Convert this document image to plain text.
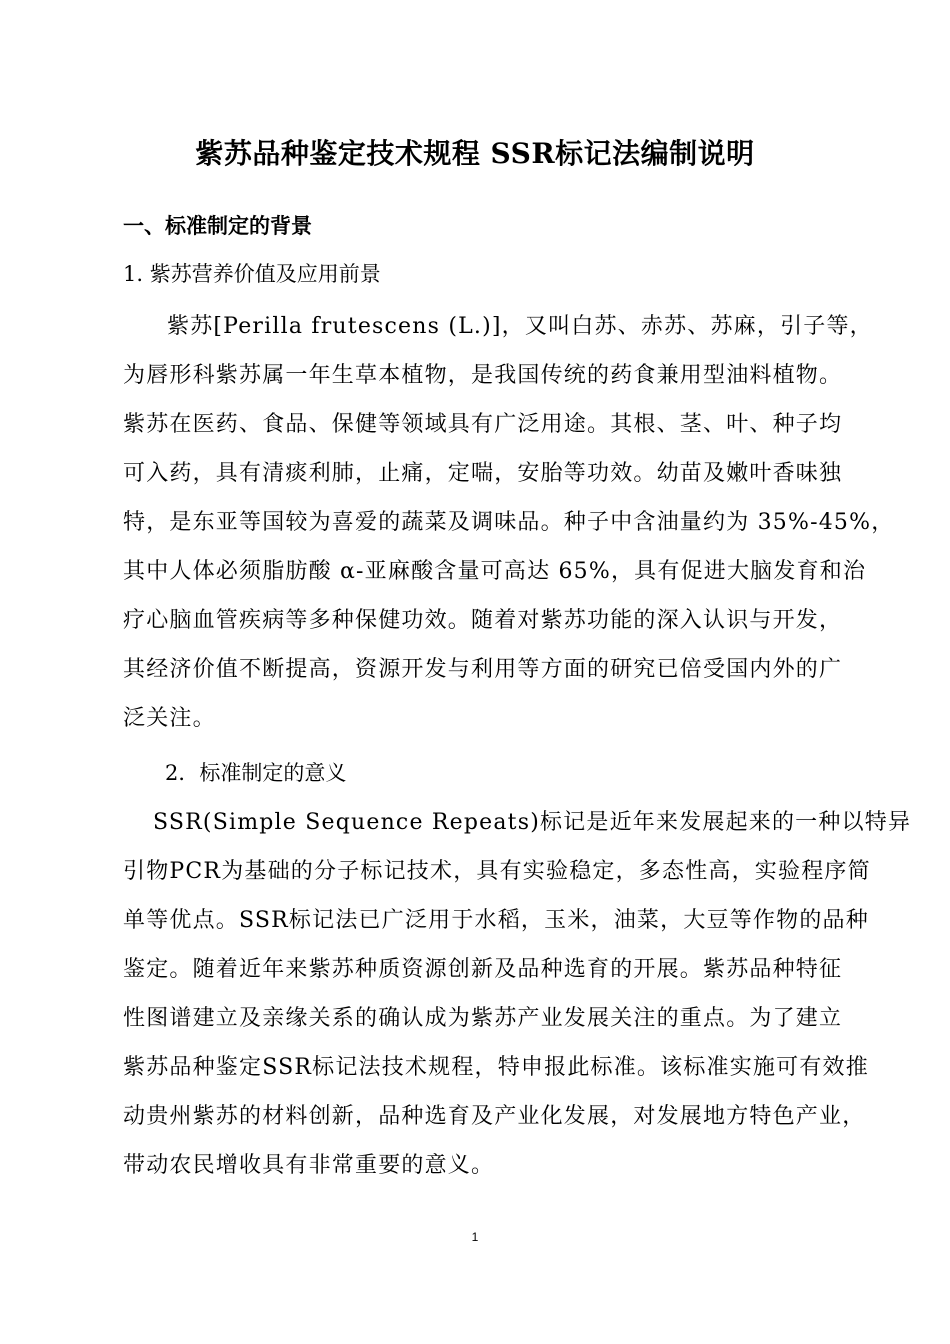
紫苏品种鉴定技术规程 SSR标记法编制说明
一、标准制定的背景
1. 紫苏营养价值及应用前景
紫苏[Perilla frutescens (L.)]，又叫白苏、赤苏、苏麻，引子等，
为唇形科紫苏属一年生草本植物，是我国传统的药食兼用型油料植物。
紫苏在医药、食品、保健等领域具有广泛用途。其根、茎、叶、种子均
可入药，具有清痰利肺，止痛，定喘，安胎等功效。幼苗及嫩叶香味独
特，是东亚等国较为喜爱的蔬菜及调味品。种子中含油量约为 35%-45%，
其中人体必须脂肪酸 α-亚麻酸含量可高达 65%，具有促进大脑发育和治
疗心脑血管疾病等多种保健功效。随着对紫苏功能的深入认识与开发，
其经济价值不断提高，资源开发与利用等方面的研究已倍受国内外的广
泛关注。
2．标准制定的意义
SSR(Simple Sequence Repeats)标记是近年来发展起来的一种以特异
引物PCR为基础的分子标记技术，具有实验稳定，多态性高，实验程序简
单等优点。SSR标记法已广泛用于水稻，玉米，油菜，大豆等作物的品种
鉴定。随着近年来紫苏种质资源创新及品种选育的开展。紫苏品种特征
性图谱建立及亲缘关系的确认成为紫苏产业发展关注的重点。为了建立
紫苏品种鉴定SSR标记法技术规程，特申报此标准。该标准实施可有效推
动贵州紫苏的材料创新，品种选育及产业化发展，对发展地方特色产业，
带动农民增收具有非常重要的意义。
1
